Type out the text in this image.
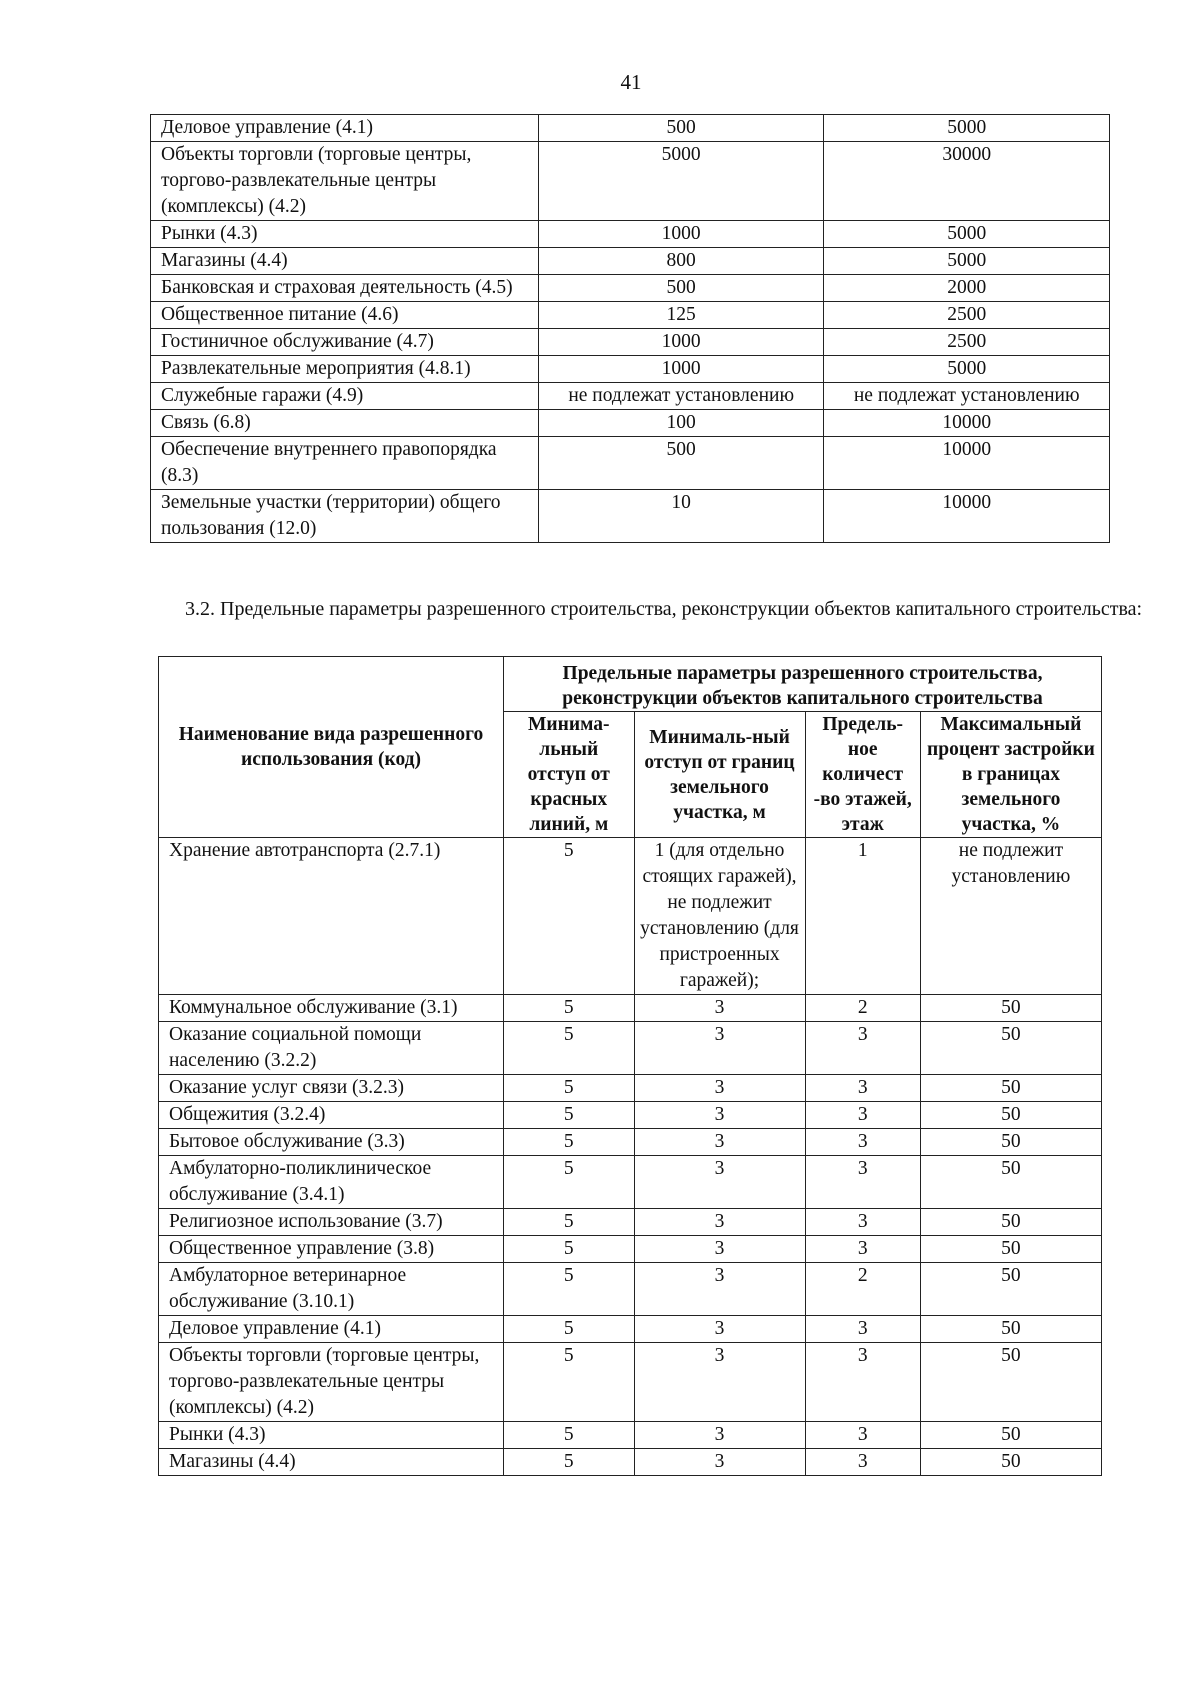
41
Деловое управление (4.1)	500	5000
Объекты торговли (торговые центры, торгово-развлекательные центры (комплексы) (4.2)	5000	30000
Рынки (4.3)	1000	5000
Магазины (4.4)	800	5000
Банковская и страховая деятельность (4.5)	500	2000
Общественное питание (4.6)	125	2500
Гостиничное обслуживание (4.7)	1000	2500
Развлекательные мероприятия (4.8.1)	1000	5000
Служебные гаражи (4.9)	не подлежат установлению	не подлежат установлению
Связь (6.8)	100	10000
Обеспечение внутреннего правопорядка (8.3)	500	10000
Земельные участки (территории) общего пользования (12.0)	10	10000
3.2. Предельные параметры разрешенного строительства, реконструкции объектов капитального строительства:
Наименование вида разрешенного использования (код)	Предельные параметры разрешенного строительства, реконструкции объектов капитального строительства			
	Минима-льный отступ от красных линий, м	Минималь-ный отступ от границ земельного участка, м	Предель-ное количест -во этажей, этаж	Максимальный процент застройки в границах земельного участка, %
Хранение автотранспорта (2.7.1)	5	1 (для отдельно стоящих гаражей), не подлежит установлению (для пристроенных гаражей);	1	не подлежит установлению
Коммунальное обслуживание (3.1)	5	3	2	50
Оказание социальной помощи населению (3.2.2)	5	3	3	50
Оказание услуг связи (3.2.3)	5	3	3	50
Общежития (3.2.4)	5	3	3	50
Бытовое обслуживание (3.3)	5	3	3	50
Амбулаторно-поликлиническое обслуживание (3.4.1)	5	3	3	50
Религиозное использование (3.7)	5	3	3	50
Общественное управление (3.8)	5	3	3	50
Амбулаторное ветеринарное обслуживание (3.10.1)	5	3	2	50
Деловое управление (4.1)	5	3	3	50
Объекты торговли (торговые центры, торгово-развлекательные центры (комплексы) (4.2)	5	3	3	50
Рынки (4.3)	5	3	3	50
Магазины (4.4)	5	3	3	50
